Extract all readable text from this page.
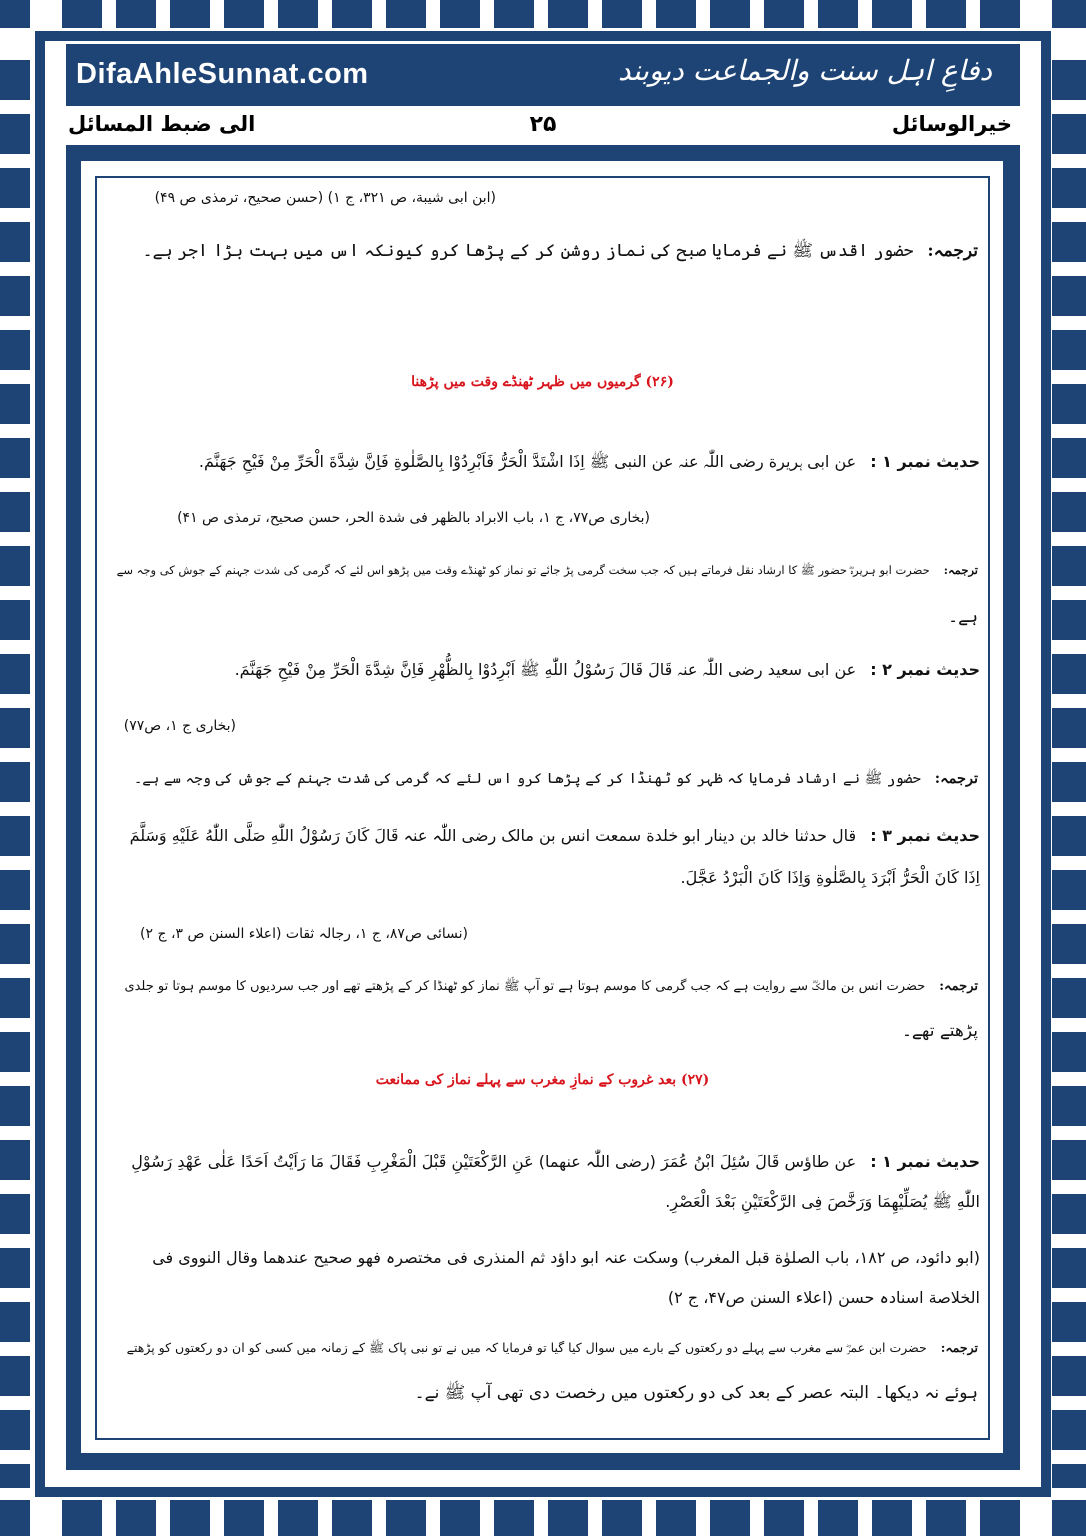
DifaAhleSunnat.com	دفاعِ اہل سنت والجماعت دیوبند
الی ضبط المسائل	۲۵	خیرالوسائل
(ابن ابی شیبة، ص ۳۲۱، ج ۱) (حسن صحیح، ترمذی ص ۴۹)
ترجمہ:حضور اقدس ﷺ نے فرمایا صبح کی نماز روشن کر کے پڑھا کرو کیونکہ اس میں بہت بڑا اجر ہے۔
(۲۶) گرمیوں میں ظہر ٹھنڈے وقت میں پڑھنا
حدیث نمبر ۱ :عن ابی ہریرة رضی اللّٰہ عنہ عن النبی ﷺ اِذَا اشْتَدَّ الْحَرُّ فَاَبْرِدُوْا بِالصَّلٰوةِ فَاِنَّ شِدَّةَ الْحَرِّ مِنْ فَیْحِ جَهَنَّمَ.
(بخاری ص۷۷، ج ۱، باب الابراد بالظهر فی شدة الحر، حسن صحیح، ترمذی ص ۴۱)
ترجمہ:حضرت ابو ہریرہؓ حضور ﷺ کا ارشاد نقل فرماتے ہیں کہ جب سخت گرمی پڑ جائے تو نماز کو ٹھنڈے وقت میں پڑھو اس لئے کہ گرمی کی شدت جہنم کے جوش کی وجہ سے
ہے۔
حدیث نمبر ۲ :عن ابی سعید رضی اللّٰہ عنہ قَالَ قَالَ رَسُوْلُ اللّٰهِ ﷺ اَبْرِدُوْا بِالظُّهْرِ فَاِنَّ شِدَّةَ الْحَرِّ مِنْ فَیْحِ جَهَنَّمَ.
(بخاری ج ۱، ص۷۷)
ترجمہ:حضور ﷺ نے ارشاد فرمایا کہ ظہر کو ٹھنڈا کر کے پڑھا کرو اس لئے کہ گرمی کی شدت جہنم کے جوش کی وجہ سے ہے۔
حدیث نمبر ۳ :قال حدثنا خالد بن دینار ابو خلدة سمعت انس بن مالک رضی اللّٰہ عنہ قَالَ کَانَ رَسُوْلُ اللّٰهِ صَلَّى اللّٰهُ عَلَيْهِ وَسَلَّمَ
اِذَا كَانَ الْحَرُّ اَبْرَدَ بِالصَّلٰوةِ وَاِذَا كَانَ الْبَرْدُ عَجَّلَ.
(نسائی ص۸۷، ج ۱، رجالہ ثقات (اعلاء السنن ص ۳، ج ۲)
ترجمہ:حضرت انس بن مالکؓ سے روایت ہے کہ جب گرمی کا موسم ہوتا ہے تو آپ ﷺ نماز کو ٹھنڈا کر کے پڑھتے تھے اور جب سردیوں کا موسم ہوتا تو جلدی
پڑھتے تھے۔
(۲۷) بعد غروب کے نمازِ مغرب سے پہلے نماز کی ممانعت
حدیث نمبر ۱ :عن طاؤس قَالَ سُئِلَ ابْنُ عُمَرَ (رضی اللّٰہ عنهما) عَنِ الرَّكْعَتَيْنِ قَبْلَ الْمَغْرِبِ فَقَالَ مَا رَاَيْتُ اَحَدًا عَلٰى عَهْدِ رَسُوْلِ
اللّٰهِ ﷺ يُصَلِّيْهِمَا وَرَخَّصَ فِى الرَّكْعَتَيْنِ بَعْدَ الْعَصْرِ.
(ابو دائود، ص ۱۸۲، باب الصلوٰة قبل المغرب) وسکت عنہ ابو داؤد ثم المنذری فی مختصرہ فهو صحیح عندهما وقال النووی فی
الخلاصة اسنادہ حسن (اعلاء السنن ص۴۷، ج ۲)
ترجمہ:حضرت ابن عمرؓ سے مغرب سے پہلے دو رکعتوں کے بارے میں سوال کیا گیا تو فرمایا کہ میں نے تو نبی پاک ﷺ کے زمانہ میں کسی کو ان دو رکعتوں کو پڑھتے
ہوئے نہ دیکھا۔ البتہ عصر کے بعد کی دو رکعتوں میں رخصت دی تھی آپ ﷺ نے۔
